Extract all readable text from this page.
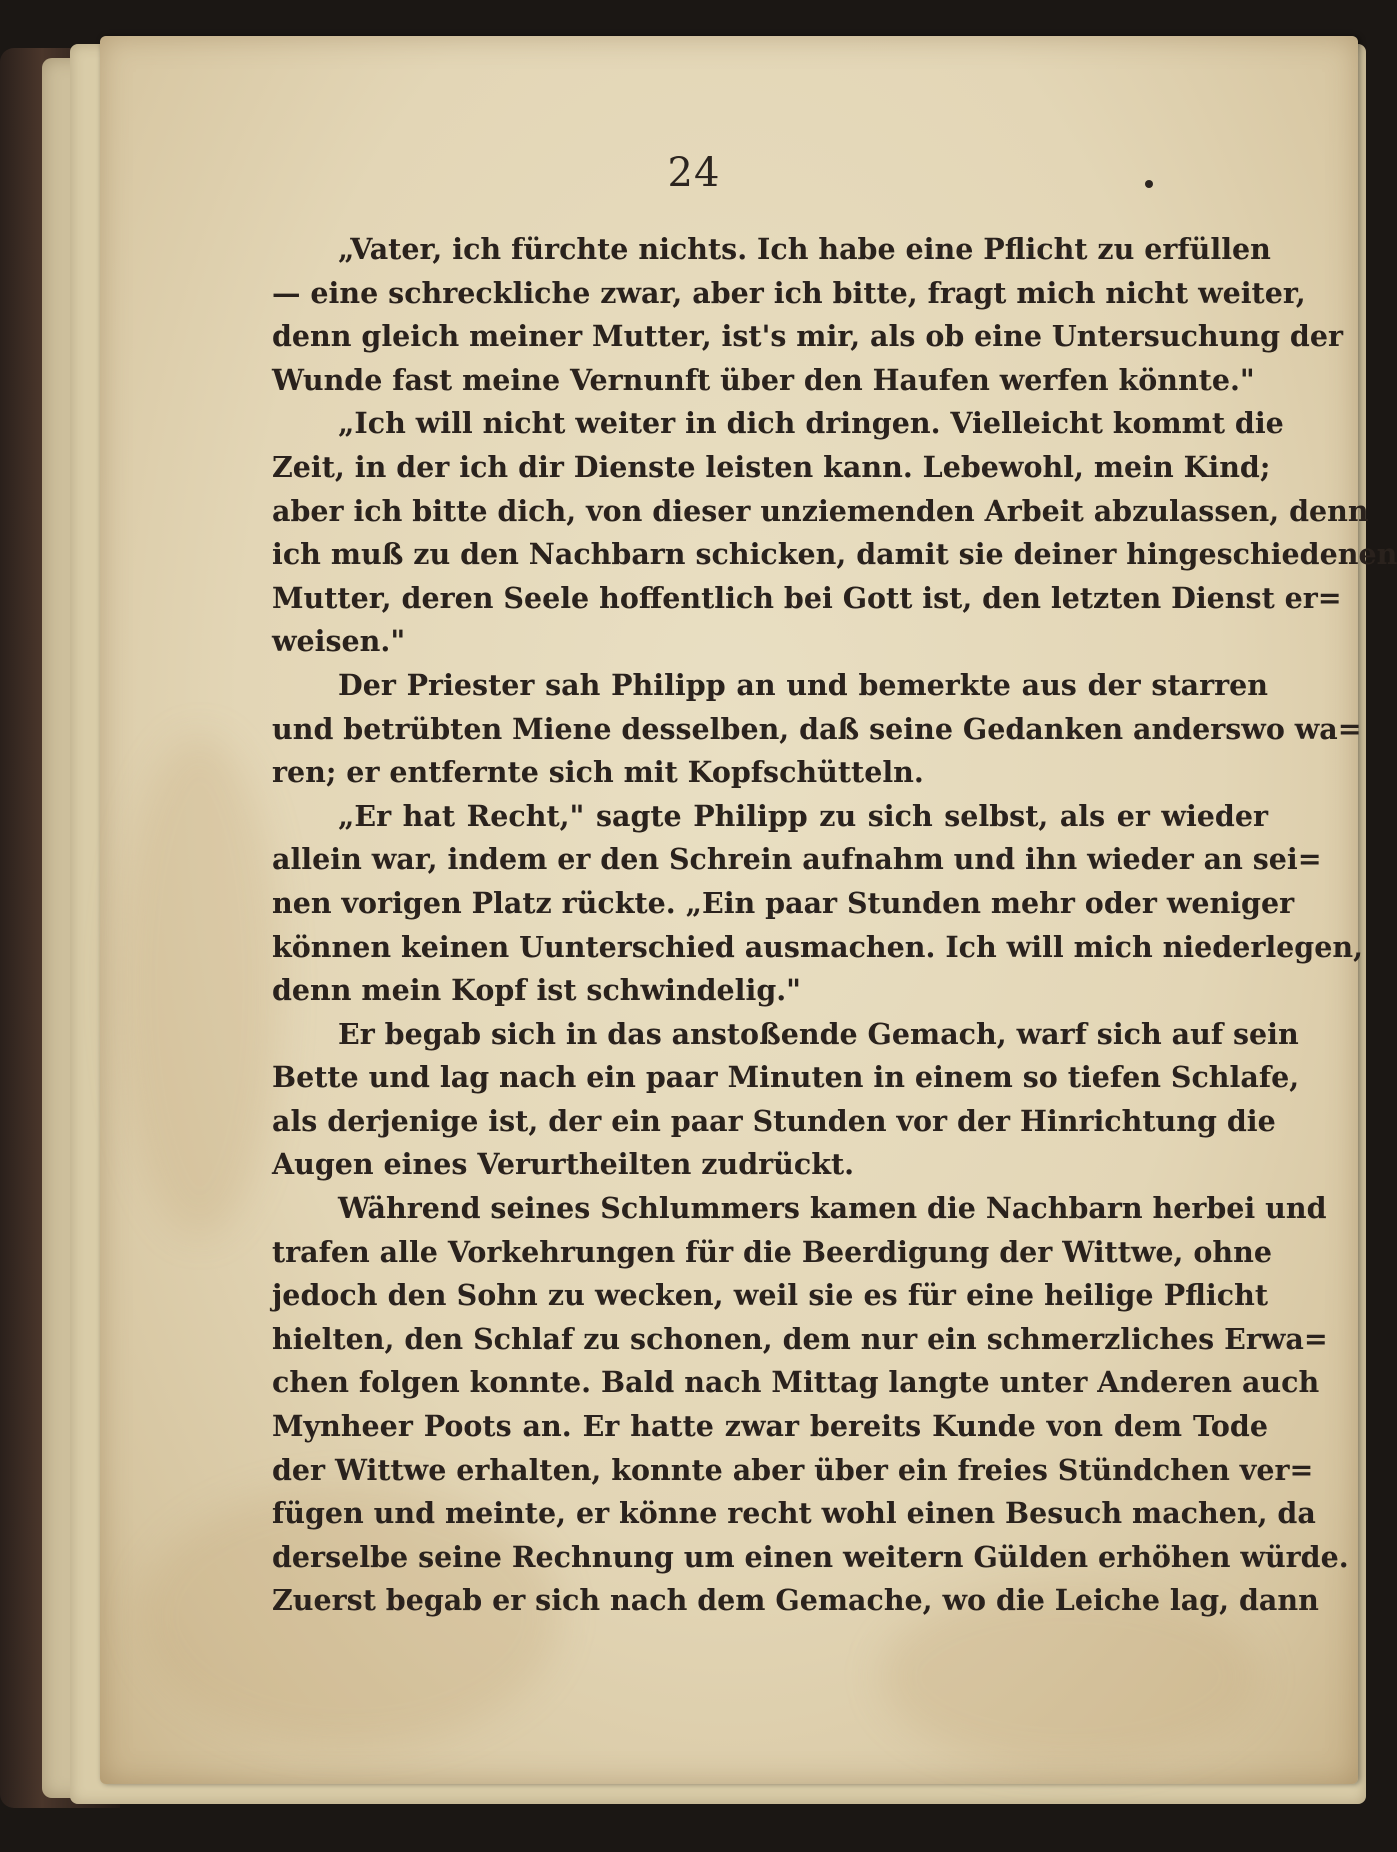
24
„Vater, ich fürchte nichts. Ich habe eine Pflicht zu erfüllen
— eine schreckliche zwar, aber ich bitte, fragt mich nicht weiter,
denn gleich meiner Mutter, ist's mir, als ob eine Untersuchung der
Wunde fast meine Vernunft über den Haufen werfen könnte."
„Ich will nicht weiter in dich dringen. Vielleicht kommt die
Zeit, in der ich dir Dienste leisten kann. Lebewohl, mein Kind;
aber ich bitte dich, von dieser unziemenden Arbeit abzulassen, denn
ich muß zu den Nachbarn schicken, damit sie deiner hingeschiedenen
Mutter, deren Seele hoffentlich bei Gott ist, den letzten Dienst er=
weisen."
Der Priester sah Philipp an und bemerkte aus der starren
und betrübten Miene desselben, daß seine Gedanken anderswo wa=
ren; er entfernte sich mit Kopfschütteln.
„Er hat Recht," sagte Philipp zu sich selbst, als er wieder
allein war, indem er den Schrein aufnahm und ihn wieder an sei=
nen vorigen Platz rückte. „Ein paar Stunden mehr oder weniger
können keinen Uunterschied ausmachen. Ich will mich niederlegen,
denn mein Kopf ist schwindelig."
Er begab sich in das anstoßende Gemach, warf sich auf sein
Bette und lag nach ein paar Minuten in einem so tiefen Schlafe,
als derjenige ist, der ein paar Stunden vor der Hinrichtung die
Augen eines Verurtheilten zudrückt.
Während seines Schlummers kamen die Nachbarn herbei und
trafen alle Vorkehrungen für die Beerdigung der Wittwe, ohne
jedoch den Sohn zu wecken, weil sie es für eine heilige Pflicht
hielten, den Schlaf zu schonen, dem nur ein schmerzliches Erwa=
chen folgen konnte. Bald nach Mittag langte unter Anderen auch
Mynheer Poots an. Er hatte zwar bereits Kunde von dem Tode
der Wittwe erhalten, konnte aber über ein freies Stündchen ver=
fügen und meinte, er könne recht wohl einen Besuch machen, da
derselbe seine Rechnung um einen weitern Gülden erhöhen würde.
Zuerst begab er sich nach dem Gemache, wo die Leiche lag, dann
